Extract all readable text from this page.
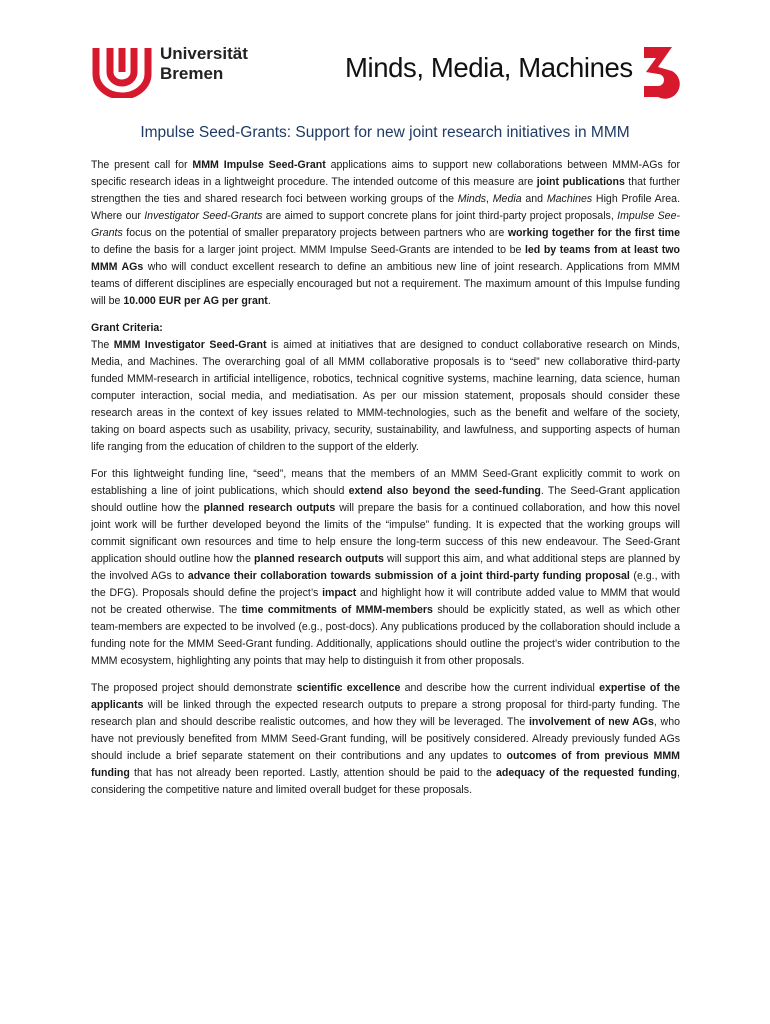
Universität
Bremen	Minds, Media, Machines
Impulse Seed-Grants: Support for new joint research initiatives in MMM

The present call for MMM Impulse Seed-Grant applications aims to support new collaborations between MMM-AGs for specific research ideas in a lightweight procedure. The intended outcome of this measure are joint publications that further strengthen the ties and shared research foci between working groups of the Minds, Media and Machines High Profile Area. Where our Investigator Seed-Grants are aimed to support concrete plans for joint third-party project proposals, Impulse See-Grants focus on the potential of smaller preparatory projects between partners who are working together for the first time to define the basis for a larger joint project. MMM Impulse Seed-Grants are intended to be led by teams from at least two MMM AGs who will conduct excellent research to define an ambitious new line of joint research. Applications from MMM teams of different disciplines are especially encouraged but not a requirement. The maximum amount of this Impulse funding will be 10.000 EUR per AG per grant.

Grant Criteria:

The MMM Investigator Seed-Grant is aimed at initiatives that are designed to conduct collaborative research on Minds, Media, and Machines. The overarching goal of all MMM collaborative proposals is to “seed” new collaborative third-party funded MMM-research in artificial intelligence, robotics, technical cognitive systems, machine learning, data science, human computer interaction, social media, and mediatisation. As per our mission statement, proposals should consider these research areas in the context of key issues related to MMM-technologies, such as the benefit and welfare of the society, taking on board aspects such as usability, privacy, security, sustainability, and lawfulness, and supporting aspects of human life ranging from the education of children to the support of the elderly.

For this lightweight funding line, “seed”, means that the members of an MMM Seed-Grant explicitly commit to work on establishing a line of joint publications, which should extend also beyond the seed-funding. The Seed-Grant application should outline how the planned research outputs will prepare the basis for a continued collaboration, and how this novel joint work will be further developed beyond the limits of the “impulse” funding. It is expected that the working groups will commit significant own resources and time to help ensure the long-term success of this new endeavour. The Seed-Grant application should outline how the planned research outputs will support this aim, and what additional steps are planned by the involved AGs to advance their collaboration towards submission of a joint third-party funding proposal (e.g., with the DFG). Proposals should define the project’s impact and highlight how it will contribute added value to MMM that would not be created otherwise. The time commitments of MMM-members should be explicitly stated, as well as which other team-members are expected to be involved (e.g., post-docs). Any publications produced by the collaboration should include a funding note for the MMM Seed-Grant funding. Additionally, applications should outline the project’s wider contribution to the MMM ecosystem, highlighting any points that may help to distinguish it from other proposals.

The proposed project should demonstrate scientific excellence and describe how the current individual expertise of the applicants will be linked through the expected research outputs to prepare a strong proposal for third-party funding. The research plan and should describe realistic outcomes, and how they will be leveraged. The involvement of new AGs, who have not previously benefited from MMM Seed-Grant funding, will be positively considered. Already previously funded AGs should include a brief separate statement on their contributions and any updates to outcomes of from previous MMM funding that has not already been reported. Lastly, attention should be paid to the adequacy of the requested funding, considering the competitive nature and limited overall budget for these proposals.
